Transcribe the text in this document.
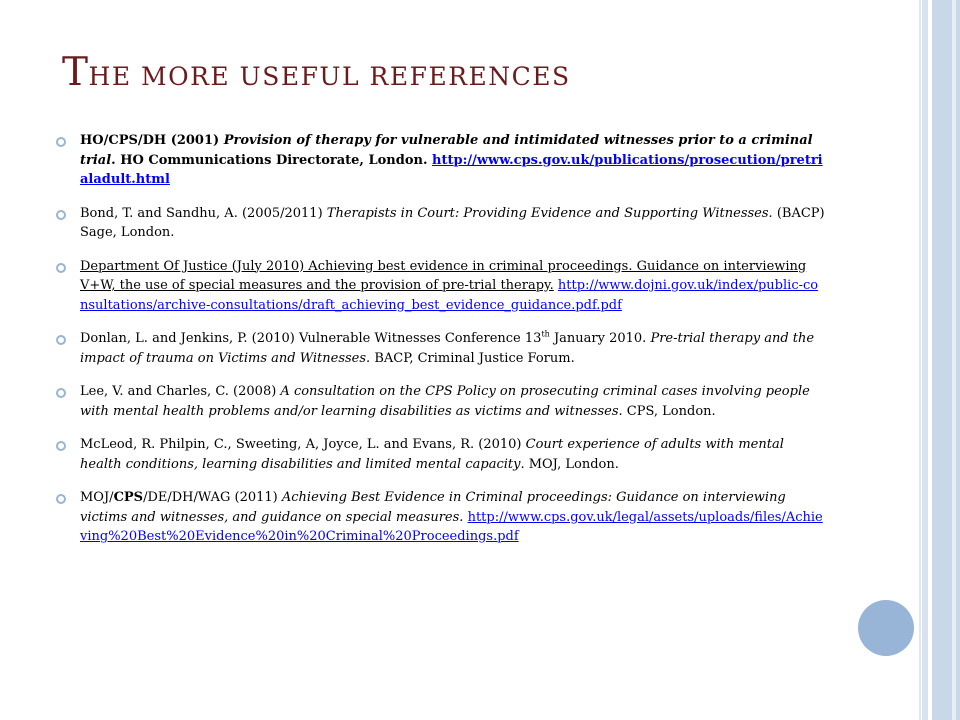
THE MORE USEFUL REFERENCES
HO/CPS/DH (2001) Provision of therapy for vulnerable and intimidated witnesses prior to a criminal trial. HO Communications Directorate, London. http://www.cps.gov.uk/publications/prosecution/pretrialadult.html
Bond, T. and Sandhu, A. (2005/2011) Therapists in Court: Providing Evidence and Supporting Witnesses. (BACP) Sage, London.
Department Of Justice (July 2010) Achieving best evidence in criminal proceedings. Guidance on interviewing V+W, the use of special measures and the provision of pre-trial therapy. http://www.dojni.gov.uk/index/public-consultations/archive-consultations/draft_achieving_best_evidence_guidance.pdf.pdf
Donlan, L. and Jenkins, P. (2010) Vulnerable Witnesses Conference 13th January 2010. Pre-trial therapy and the impact of trauma on Victims and Witnesses. BACP, Criminal Justice Forum.
Lee, V. and Charles, C. (2008) A consultation on the CPS Policy on prosecuting criminal cases involving people with mental health problems and/or learning disabilities as victims and witnesses. CPS, London.
McLeod, R. Philpin, C., Sweeting, A, Joyce, L. and Evans, R. (2010) Court experience of adults with mental health conditions, learning disabilities and limited mental capacity. MOJ, London.
MOJ/CPS/DE/DH/WAG (2011) Achieving Best Evidence in Criminal proceedings: Guidance on interviewing victims and witnesses, and guidance on special measures. http://www.cps.gov.uk/legal/assets/uploads/files/Achieving%20Best%20Evidence%20in%20Criminal%20Proceedings.pdf
